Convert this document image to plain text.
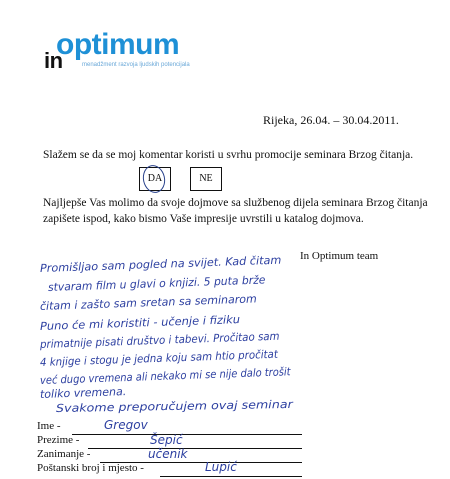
optimum
in	menadžment razvoja ljudskih potencijala
Rijeka, 26.04. – 30.04.2011.
Slažem se da se moj komentar koristi u svrhu promocije seminara Brzog čitanja.
DA	NE
Najljepše Vas molimo da svoje dojmove sa službenog dijela seminara Brzog čitanja zapišete ispod, kako bismo Vaše impresije uvrstili u katalog dojmova.
In Optimum team
Promišlјao sam pogled na svijet. Kad čitam
stvaram film u glavi o knjizi. 5 puta brže
čitam i zašto sam sretan sa seminarom
Puno će mi koristiti - učenje i fiziku
primatnije pisati društvo i tabevi. Pročitao sam
4 knjige i stogu je jedna koju sam htio pročitat
već dugo vremena ali nekako mi se nije dalo trošit
toliko vremena.
Svakome preporučujem ovaj seminar
Ime -	Gregov
Prezime -	Šepić
Zanimanje -	učenik
Poštanski broj i mjesto -	Lupić
